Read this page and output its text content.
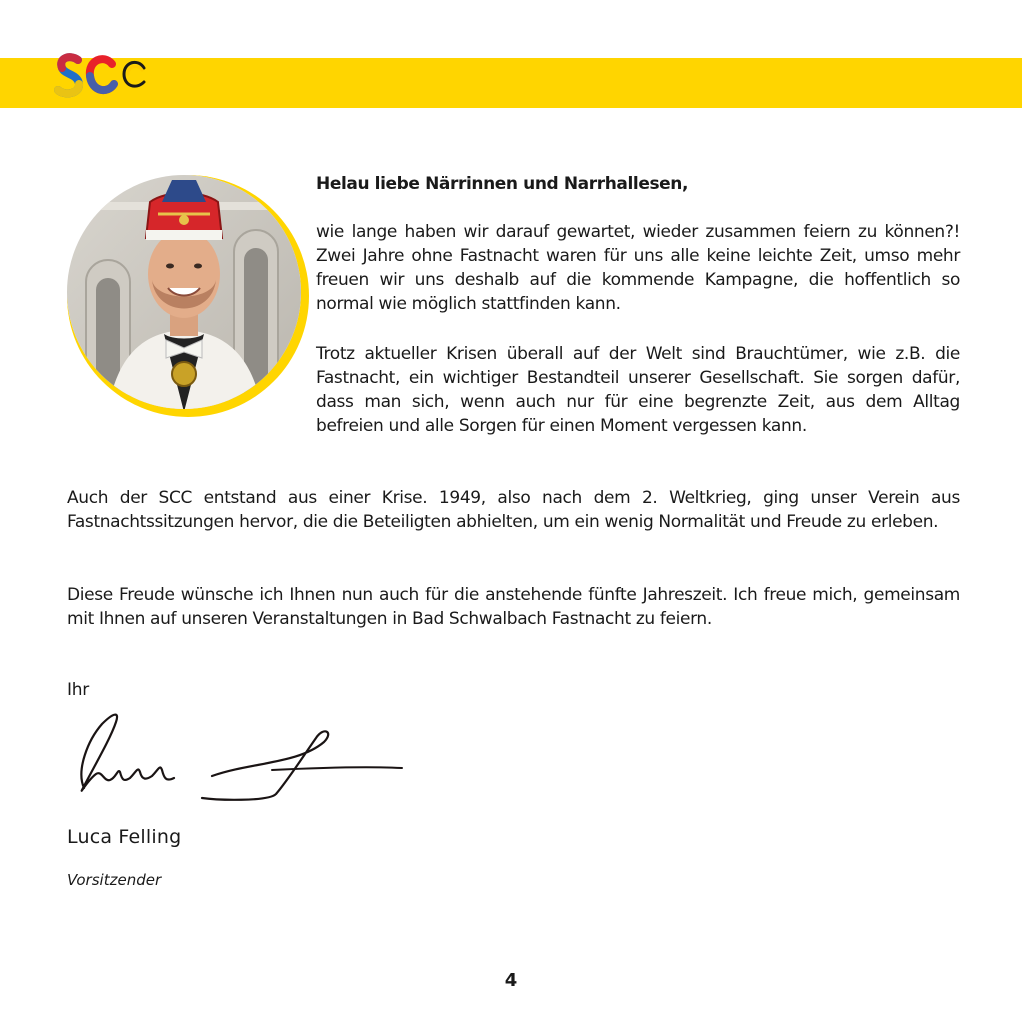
Helau liebe Närrinnen und Narrhallesen,

wie lange haben wir darauf gewartet, wieder zusammen feiern zu können?! Zwei Jahre ohne Fastnacht waren für uns alle keine leichte Zeit, umso mehr freuen wir uns deshalb auf die kommende Kampagne, die hoffentlich so normal wie möglich stattfinden kann.

Trotz aktueller Krisen überall auf der Welt sind Brauchtümer, wie z.B. die Fastnacht, ein wichtiger Bestandteil unserer Gesellschaft. Sie sorgen dafür, dass man sich, wenn auch nur für eine begrenzte Zeit, aus dem Alltag befreien und alle Sorgen für einen Moment vergessen kann.

Auch der SCC entstand aus einer Krise. 1949, also nach dem 2. Weltkrieg, ging unser Verein aus Fastnachtssitzungen hervor, die die Beteiligten abhielten, um ein wenig Normalität und Freude zu erleben.

Diese Freude wünsche ich Ihnen nun auch für die anstehende fünfte Jahreszeit. Ich freue mich, gemeinsam mit Ihnen auf unseren Veranstaltungen in Bad Schwalbach Fastnacht zu feiern.

Ihr

Luca Felling

Vorsitzender

4
